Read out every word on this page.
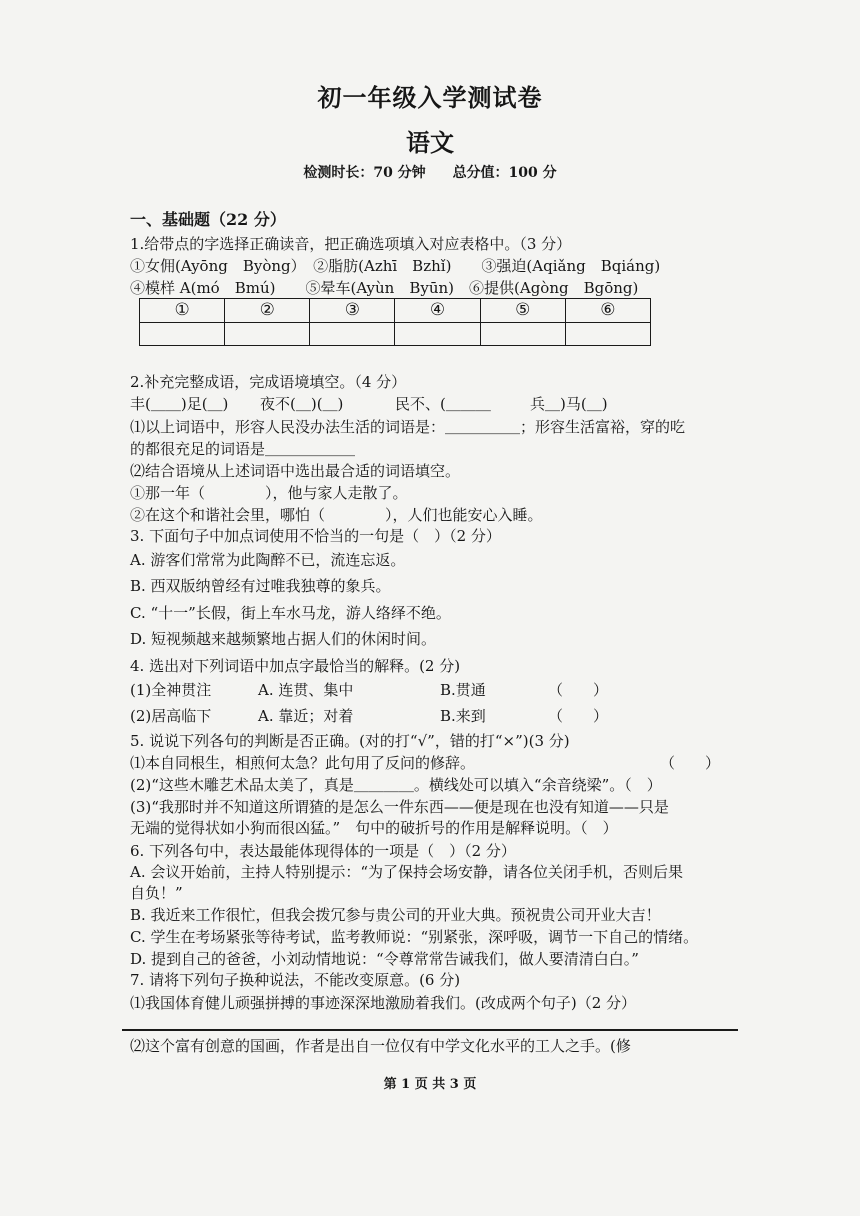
初一年级入学测试卷
语文
检测时长：70 分钟 总分值：100 分
一、基础题（22 分）
1.给带点的字选择正确读音，把正确选项填入对应表格中。（3 分）
①女佣(Ayōng　Byòng）　②脂肪(Azhī　Bzhǐ)　　③强迫(Aqiǎng　Bqiáng)
④模样 A(mó　Bmú)　　⑤晕车(Ayùn　Byūn)　⑥提供(Agòng　Bgōng)
①	②	③	④	⑤	⑥

2.补充完整成语，完成语境填空。（4 分）
丰(＿＿)足(＿) 夜不(＿)(＿)	民不、(＿＿＿	兵＿)马(＿)
⑴以上词语中，形容人民没办法生活的词语是：＿＿＿＿＿；形容生活富裕，穿的吃
的都很充足的词语是＿＿＿＿＿＿
⑵结合语境从上述词语中选出最合适的词语填空。
①那一年（　　　　），他与家人走散了。
②在这个和谐社会里，哪怕（　　　　），人们也能安心入睡。
3. 下面句子中加点词使用不恰当的一句是（　）（2 分）
A. 游客们常常为此陶醉不已，流连忘返。
B. 西双版纳曾经有过唯我独尊的象兵。
C. “十一”长假，街上车水马龙，游人络绎不绝。
D. 短视频越来越频繁地占据人们的休闲时间。
4. 选出对下列词语中加点字最恰当的解释。(2 分)
(1)全神贯注	A. 连贯、集中	B.贯通	（　　）
(2)居高临下	A. 靠近；对着	B.来到	（　　）
5. 说说下列各句的判断是否正确。(对的打“√”，错的打“×”)(3 分)
⑴本自同根生，相煎何太急？此句用了反问的修辞。	（　　）
(2)“这些木雕艺术品太美了，真是＿＿＿＿。横线处可以填入“余音绕梁”。（　）
(3)“我那时并不知道这所谓猹的是怎么一件东西——便是现在也没有知道——只是
无端的觉得状如小狗而很凶猛。”　句中的破折号的作用是解释说明。（　）
6. 下列各句中，表达最能体现得体的一项是（　）（2 分）
A. 会议开始前，主持人特别提示：“为了保持会场安静，请各位关闭手机，否则后果
自负！”
B. 我近来工作很忙，但我会拨冗参与贵公司的开业大典。预祝贵公司开业大吉！
C. 学生在考场紧张等待考试，监考教师说：“别紧张，深呼吸，调节一下自己的情绪。
D. 提到自己的爸爸，小刘动情地说：“令尊常常告诫我们，做人要清清白白。”
7. 请将下列句子换种说法，不能改变原意。(6 分)
⑴我国体育健儿顽强拼搏的事迹深深地激励着我们。(改成两个句子)（2 分）
⑵这个富有创意的国画，作者是出自一位仅有中学文化水平的工人之手。(修
第 1 页 共 3 页
